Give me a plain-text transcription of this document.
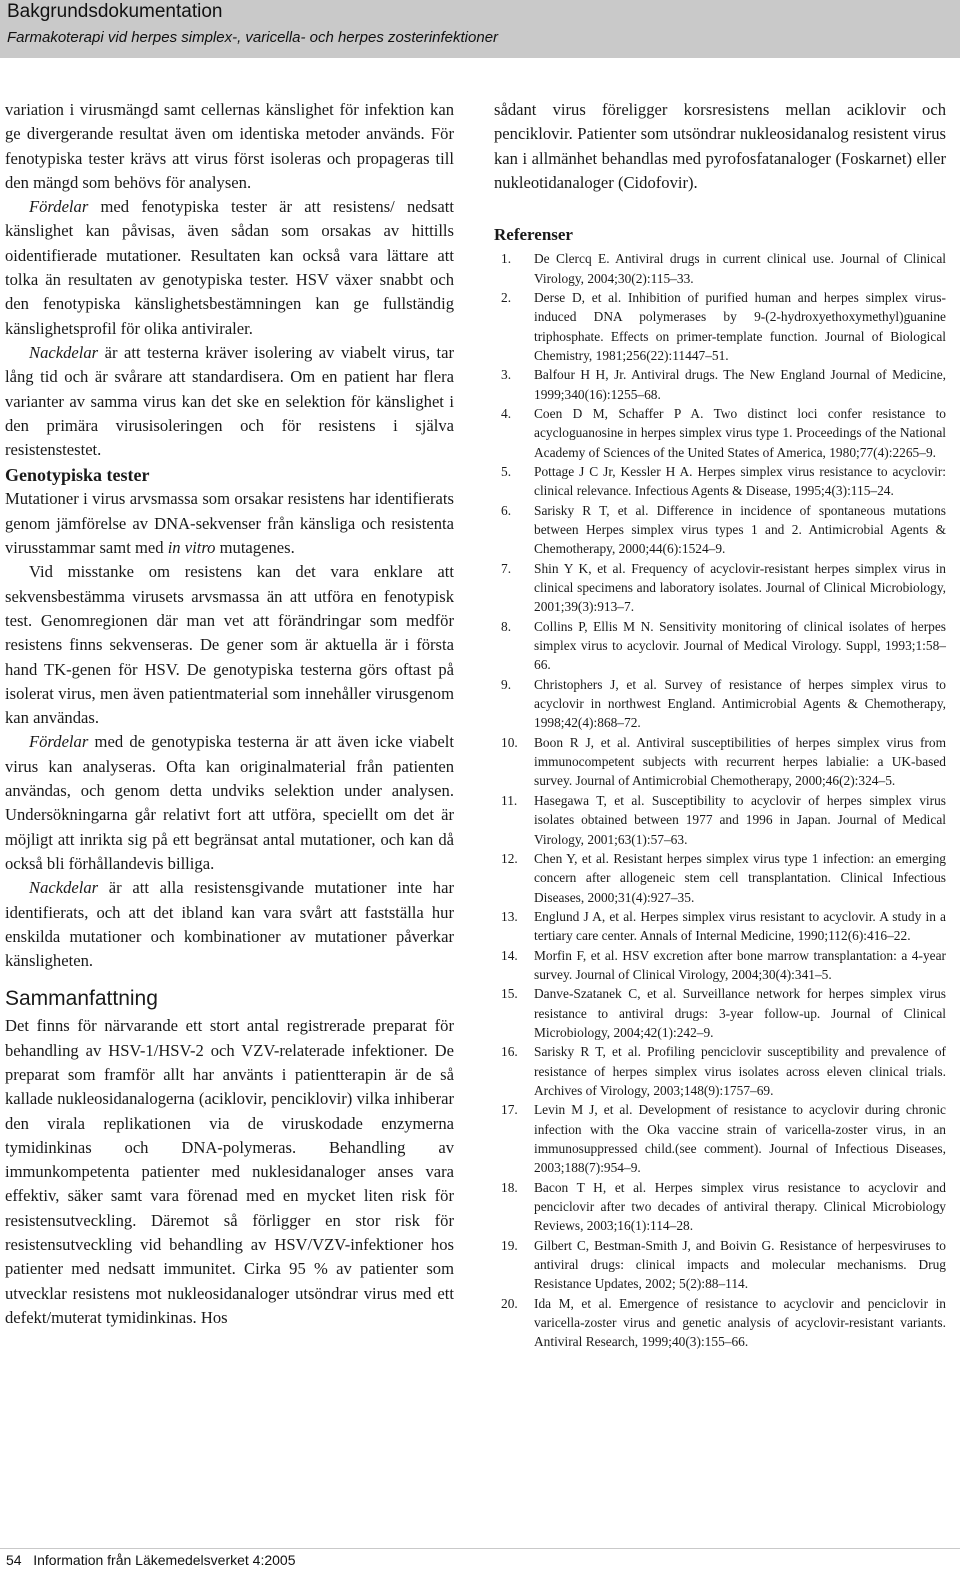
Bakgrundsdokumentation
Farmakoterapi vid herpes simplex-, varicella- och herpes zosterinfektioner

variation i virusmängd samt cellernas känslighet för infektion kan ge divergerande resultat även om identiska metoder används. För fenotypiska tester krävs att virus först isoleras och propageras till den mängd som behövs för analysen.

Fördelar med fenotypiska tester är att resistens/ nedsatt känslighet kan påvisas, även sådan som orsakas av hittills oidentifierade mutationer. Resultaten kan också vara lättare att tolka än resultaten av genotypiska tester. HSV växer snabbt och den fenotypiska känslighetsbestämningen kan ge fullständig känslighetsprofil för olika antiviraler.

Nackdelar är att testerna kräver isolering av viabelt virus, tar lång tid och är svårare att standardisera. Om en patient har flera varianter av samma virus kan det ske en selektion för känslighet i den primära virusisoleringen och för resistens i själva resistenstestet.

Genotypiska tester

Mutationer i virus arvsmassa som orsakar resistens har identifierats genom jämförelse av DNA-sekvenser från känsliga och resistenta virusstammar samt med in vitro mutagenes.

Vid misstanke om resistens kan det vara enklare att sekvensbestämma virusets arvsmassa än att utföra en fenotypisk test. Genomregionen där man vet att förändringar som medför resistens finns sekvenseras. De gener som är aktuella är i första hand TK-genen för HSV. De genotypiska testerna görs oftast på isolerat virus, men även patientmaterial som innehåller virusgenom kan användas.

Fördelar med de genotypiska testerna är att även icke viabelt virus kan analyseras. Ofta kan originalmaterial från patienten användas, och genom detta undviks selektion under analysen. Undersökningarna går relativt fort att utföra, speciellt om det är möjligt att inrikta sig på ett begränsat antal mutationer, och kan då också bli förhållandevis billiga.

Nackdelar är att alla resistensgivande mutationer inte har identifierats, och att det ibland kan vara svårt att fastställa hur enskilda mutationer och kombinationer av mutationer påverkar känsligheten.

Sammanfattning

Det finns för närvarande ett stort antal registrerade preparat för behandling av HSV-1/HSV-2 och VZV-relaterade infektioner. De preparat som framför allt har använts i patientterapin är de så kallade nukleosidanalogerna (aciklovir, penciklovir) vilka inhiberar den virala replikationen via de viruskodade enzymerna tymidinkinas och DNA-polymeras. Behandling av immunkompetenta patienter med nuklesidanaloger anses vara effektiv, säker samt vara förenad med en mycket liten risk för resistensutveckling. Däremot så förligger en stor risk för resistensutveckling vid behandling av HSV/VZV-infektioner hos patienter med nedsatt immunitet. Cirka 95 % av patienter som utvecklar resistens mot nukleosidanaloger utsöndrar virus med ett defekt/muterat tymidinkinas. Hos

sådant virus föreligger korsresistens mellan aciklovir och penciklovir. Patienter som utsöndrar nukleosidanalog resistent virus kan i allmänhet behandlas med pyrofosfatanaloger (Foskarnet) eller nukleotidanaloger (Cidofovir).

Referenser
1. De Clercq E. Antiviral drugs in current clinical use. Journal of Clinical Virology, 2004;30(2):115–33.
2. Derse D, et al. Inhibition of purified human and herpes simplex virus-induced DNA polymerases by 9-(2-hydroxyethoxymethyl)guanine triphosphate. Effects on primer-template function. Journal of Biological Chemistry, 1981;256(22):11447–51.
3. Balfour H H, Jr. Antiviral drugs. The New England Journal of Medicine, 1999;340(16):1255–68.
4. Coen D M, Schaffer P A. Two distinct loci confer resistance to acycloguanosine in herpes simplex virus type 1. Proceedings of the National Academy of Sciences of the United States of America, 1980;77(4):2265–9.
5. Pottage J C Jr, Kessler H A. Herpes simplex virus resistance to acyclovir: clinical relevance. Infectious Agents & Disease, 1995;4(3):115–24.
6. Sarisky R T, et al. Difference in incidence of spontaneous mutations between Herpes simplex virus types 1 and 2. Antimicrobial Agents & Chemotherapy, 2000;44(6):1524–9.
7. Shin Y K, et al. Frequency of acyclovir-resistant herpes simplex virus in clinical specimens and laboratory isolates. Journal of Clinical Microbiology, 2001;39(3):913–7.
8. Collins P, Ellis M N. Sensitivity monitoring of clinical isolates of herpes simplex virus to acyclovir. Journal of Medical Virology. Suppl, 1993;1:58–66.
9. Christophers J, et al. Survey of resistance of herpes simplex virus to acyclovir in northwest England. Antimicrobial Agents & Chemotherapy, 1998;42(4):868–72.
10. Boon R J, et al. Antiviral susceptibilities of herpes simplex virus from immunocompetent subjects with recurrent herpes labialie: a UK-based survey. Journal of Antimicrobial Chemotherapy, 2000;46(2):324–5.
11. Hasegawa T, et al. Susceptibility to acyclovir of herpes simplex virus isolates obtained between 1977 and 1996 in Japan. Journal of Medical Virology, 2001;63(1):57–63.
12. Chen Y, et al. Resistant herpes simplex virus type 1 infection: an emerging concern after allogeneic stem cell transplantation. Clinical Infectious Diseases, 2000;31(4):927–35.
13. Englund J A, et al. Herpes simplex virus resistant to acyclovir. A study in a tertiary care center. Annals of Internal Medicine, 1990;112(6):416–22.
14. Morfin F, et al. HSV excretion after bone marrow transplantation: a 4-year survey. Journal of Clinical Virology, 2004;30(4):341–5.
15. Danve-Szatanek C, et al. Surveillance network for herpes simplex virus resistance to antiviral drugs: 3-year follow-up. Journal of Clinical Microbiology, 2004;42(1):242–9.
16. Sarisky R T, et al. Profiling penciclovir susceptibility and prevalence of resistance of herpes simplex virus isolates across eleven clinical trials. Archives of Virology, 2003;148(9):1757–69.
17. Levin M J, et al. Development of resistance to acyclovir during chronic infection with the Oka vaccine strain of varicella-zoster virus, in an immunosuppressed child.(see comment). Journal of Infectious Diseases, 2003;188(7):954–9.
18. Bacon T H, et al. Herpes simplex virus resistance to acyclovir and penciclovir after two decades of antiviral therapy. Clinical Microbiology Reviews, 2003;16(1):114–28.
19. Gilbert C, Bestman-Smith J, and Boivin G. Resistance of herpesviruses to antiviral drugs: clinical impacts and molecular mechanisms. Drug Resistance Updates, 2002; 5(2):88–114.
20. Ida M, et al. Emergence of resistance to acyclovir and penciclovir in varicella-zoster virus and genetic analysis of acyclovir-resistant variants. Antiviral Research, 1999;40(3):155–66.
54   Information från Läkemedelsverket 4:2005
